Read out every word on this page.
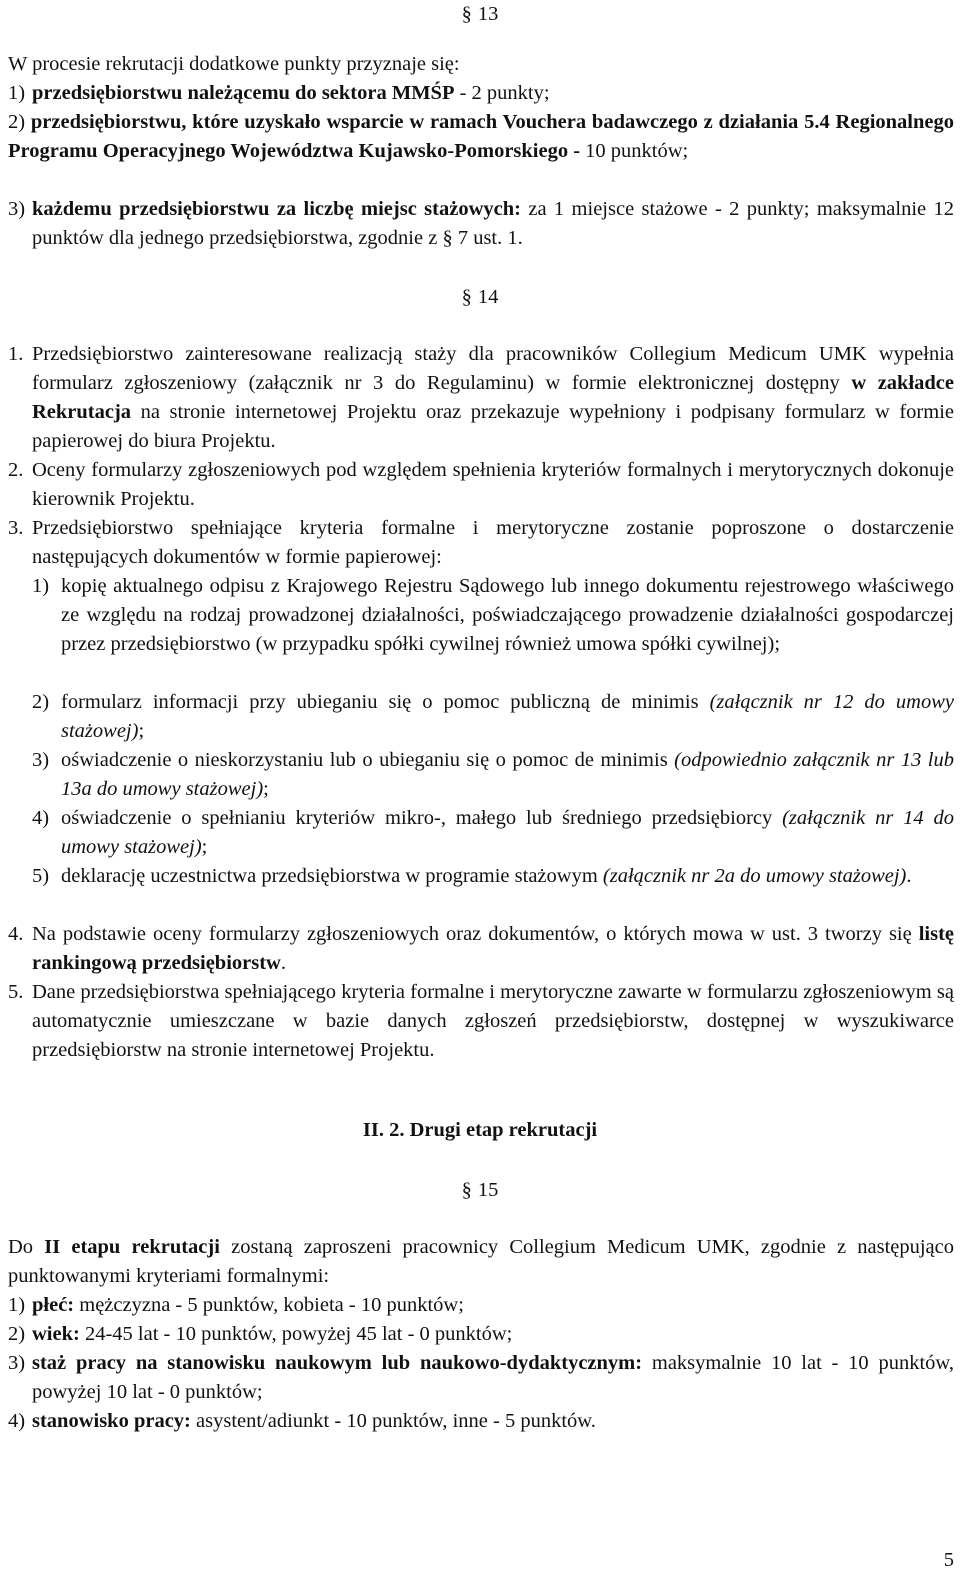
§ 13
W procesie rekrutacji dodatkowe punkty przyznaje się:
1) przedsiębiorstwu należącemu do sektora MMŚP - 2 punkty;
2) przedsiębiorstwu, które uzyskało wsparcie w ramach Vouchera badawczego z działania 5.4 Regionalnego Programu Operacyjnego Województwa Kujawsko-Pomorskiego - 10 punktów;
3) każdemu przedsiębiorstwu za liczbę miejsc stażowych: za 1 miejsce stażowe - 2 punkty; maksymalnie 12 punktów dla jednego przedsiębiorstwa, zgodnie z § 7 ust. 1.
§ 14
1. Przedsiębiorstwo zainteresowane realizacją staży dla pracowników Collegium Medicum UMK wypełnia formularz zgłoszeniowy (załącznik nr 3 do Regulaminu) w formie elektronicznej dostępny w zakładce Rekrutacja na stronie internetowej Projektu oraz przekazuje wypełniony i podpisany formularz w formie papierowej do biura Projektu.
2. Oceny formularzy zgłoszeniowych pod względem spełnienia kryteriów formalnych i merytorycznych dokonuje kierownik Projektu.
3. Przedsiębiorstwo spełniające kryteria formalne i merytoryczne zostanie poproszone o dostarczenie następujących dokumentów w formie papierowej:
1) kopię aktualnego odpisu z Krajowego Rejestru Sądowego lub innego dokumentu rejestrowego właściwego ze względu na rodzaj prowadzonej działalności, poświadczającego prowadzenie działalności gospodarczej przez przedsiębiorstwo (w przypadku spółki cywilnej również umowa spółki cywilnej);
2) formularz informacji przy ubieganiu się o pomoc publiczną de minimis (załącznik nr 12 do umowy stażowej);
3) oświadczenie o nieskorzystaniu lub o ubieganiu się o pomoc de minimis (odpowiednio załącznik nr 13 lub 13a do umowy stażowej);
4) oświadczenie o spełnianiu kryteriów mikro-, małego lub średniego przedsiębiorcy (załącznik nr 14 do umowy stażowej);
5) deklarację uczestnictwa przedsiębiorstwa w programie stażowym (załącznik nr 2a do umowy stażowej).
4. Na podstawie oceny formularzy zgłoszeniowych oraz dokumentów, o których mowa w ust. 3 tworzy się listę rankingową przedsiębiorstw.
5. Dane przedsiębiorstwa spełniającego kryteria formalne i merytoryczne zawarte w formularzu zgłoszeniowym są automatycznie umieszczane w bazie danych zgłoszeń przedsiębiorstw, dostępnej w wyszukiwarce przedsiębiorstw na stronie internetowej Projektu.
II. 2. Drugi etap rekrutacji
§ 15
Do II etapu rekrutacji zostaną zaproszeni pracownicy Collegium Medicum UMK, zgodnie z następująco punktowanymi kryteriami formalnymi:
1) płeć: mężczyzna - 5 punktów, kobieta - 10 punktów;
2) wiek: 24-45 lat - 10 punktów, powyżej 45 lat - 0 punktów;
3) staż pracy na stanowisku naukowym lub naukowo-dydaktycznym: maksymalnie 10 lat - 10 punktów, powyżej 10 lat - 0 punktów;
4) stanowisko pracy: asystent/adiunkt - 10 punktów, inne - 5 punktów.
5
